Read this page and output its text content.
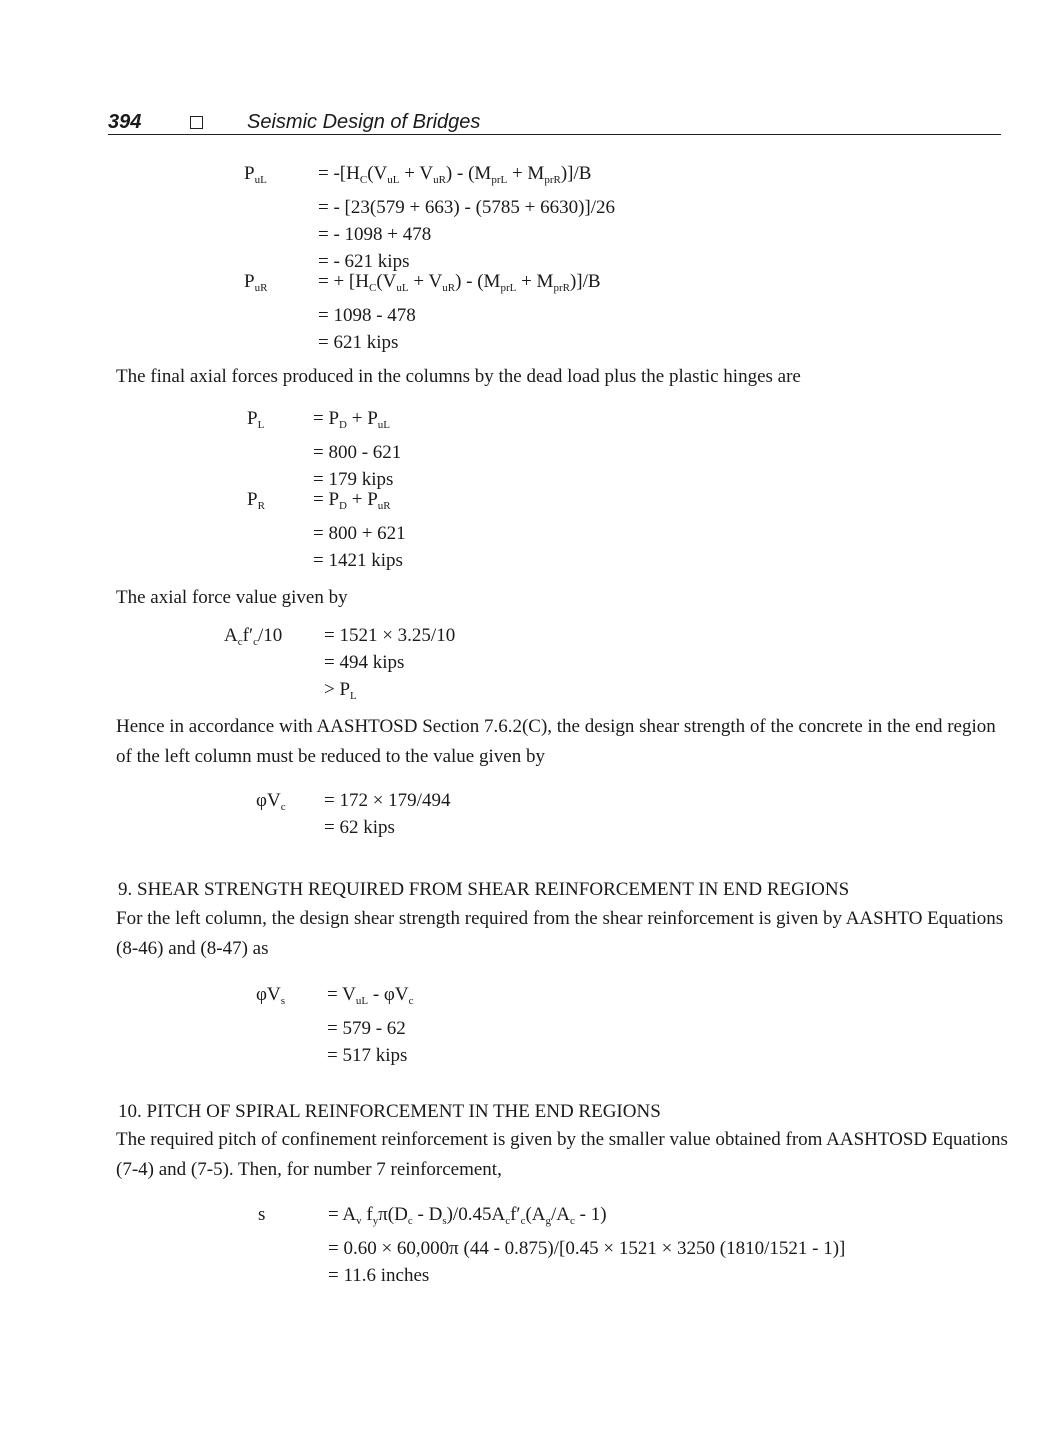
394	Seismic Design of Bridges
$P_{uL}$	= $-[H_C(V_{uL} + V_{uR}) - (M_{prL} + M_{prR})]/B$
= - [23(579 + 663) - (5785 + 6630)]/26
= - 1098 + 478
= - 621 kips
$P_{uR}$	= + $[H_C(V_{uL} + V_{uR}) - (M_{prL} + M_{prR})]/B$
= 1098 - 478
= 621 kips
The final axial forces produced in the columns by the dead load plus the plastic hinges are
$P_L$	= $P_D + P_{uL}$
= 800 - 621
= 179 kips
$P_R$	= $P_D + P_{uR}$
= 800 + 621
= 1421 kips
The axial force value given by
$A_cf'_c/10 = 1521 \times 3.25/10$
= 494 kips
> $P_L$
Hence in accordance with AASHTOSD Section 7.6.2(C), the design shear strength of the concrete in the end region of the left column must be reduced to the value given by
$\varphi V_c = 172 \times 179/494$
= 62 kips
9. SHEAR STRENGTH REQUIRED FROM SHEAR REINFORCEMENT IN END REGIONS
For the left column, the design shear strength required from the shear reinforcement is given by AASHTO Equations (8-46) and (8-47) as
$\varphi V_s = V_{uL} - \varphi V_c$
= 579 - 62
= 517 kips
10. PITCH OF SPIRAL REINFORCEMENT IN THE END REGIONS
The required pitch of confinement reinforcement is given by the smaller value obtained from AASHTOSD Equations (7-4) and (7-5). Then, for number 7 reinforcement,
s	= $A_v$ $f_y\pi(D_c - D_s)/0.45A_cf'_c(A_g/A_c - 1)$
= 0.60 × 60,000π (44 - 0.875)/[0.45 × 1521 × 3250 (1810/1521 - 1)]
= 11.6 inches
